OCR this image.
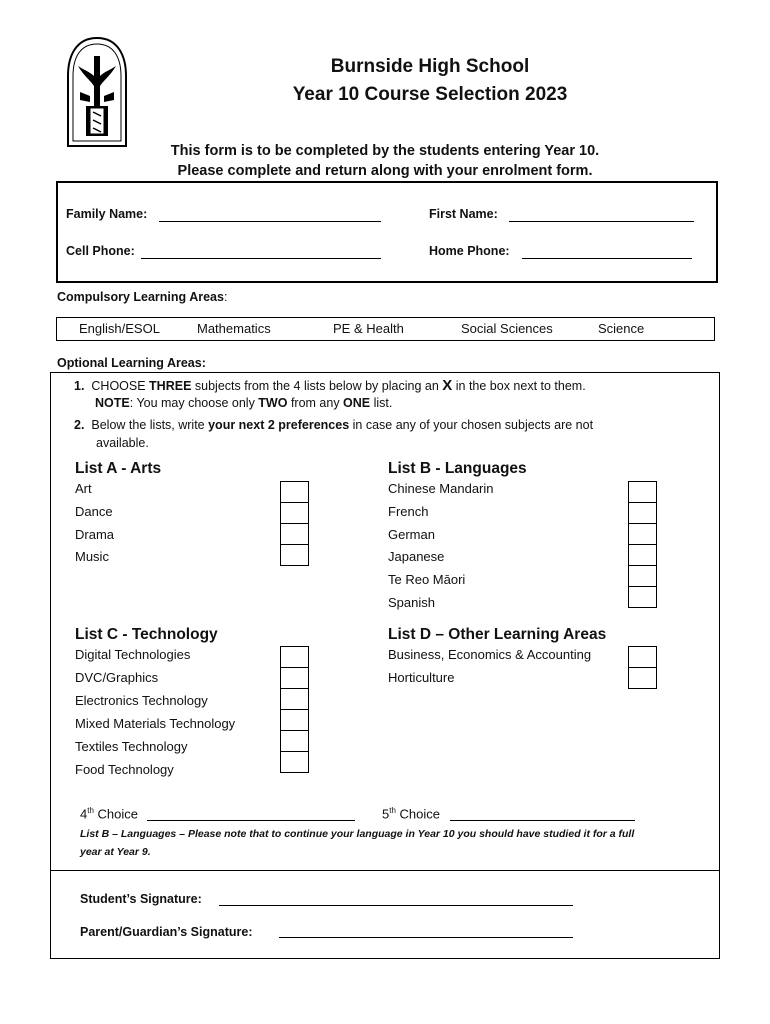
Burnside High School
Year 10 Course Selection 2023
This form is to be completed by the students entering Year 10.
Please complete and return along with your enrolment form.
Family Name:	First Name:
Cell Phone:	Home Phone:
Compulsory Learning Areas:
English/ESOL	Mathematics	PE & Health	Social Sciences	Science
Optional Learning Areas:
1. CHOOSE THREE subjects from the 4 lists below by placing an X in the box next to them.
NOTE: You may choose only TWO from any ONE list.
2. Below the lists, write your next 2 preferences in case any of your chosen subjects are not
available.
List A - Arts
Art
Dance
Drama
Music
List B - Languages
Chinese Mandarin
French
German
Japanese
Te Reo Māori
Spanish
List C - Technology
Digital Technologies
DVC/Graphics
Electronics Technology
Mixed Materials Technology
Textiles Technology
Food Technology
List D – Other Learning Areas
Business, Economics & Accounting
Horticulture
4th Choice	5th Choice
List B – Languages – Please note that to continue your language in Year 10 you should have studied it for a full
year at Year 9.
Student’s Signature:
Parent/Guardian’s Signature:
